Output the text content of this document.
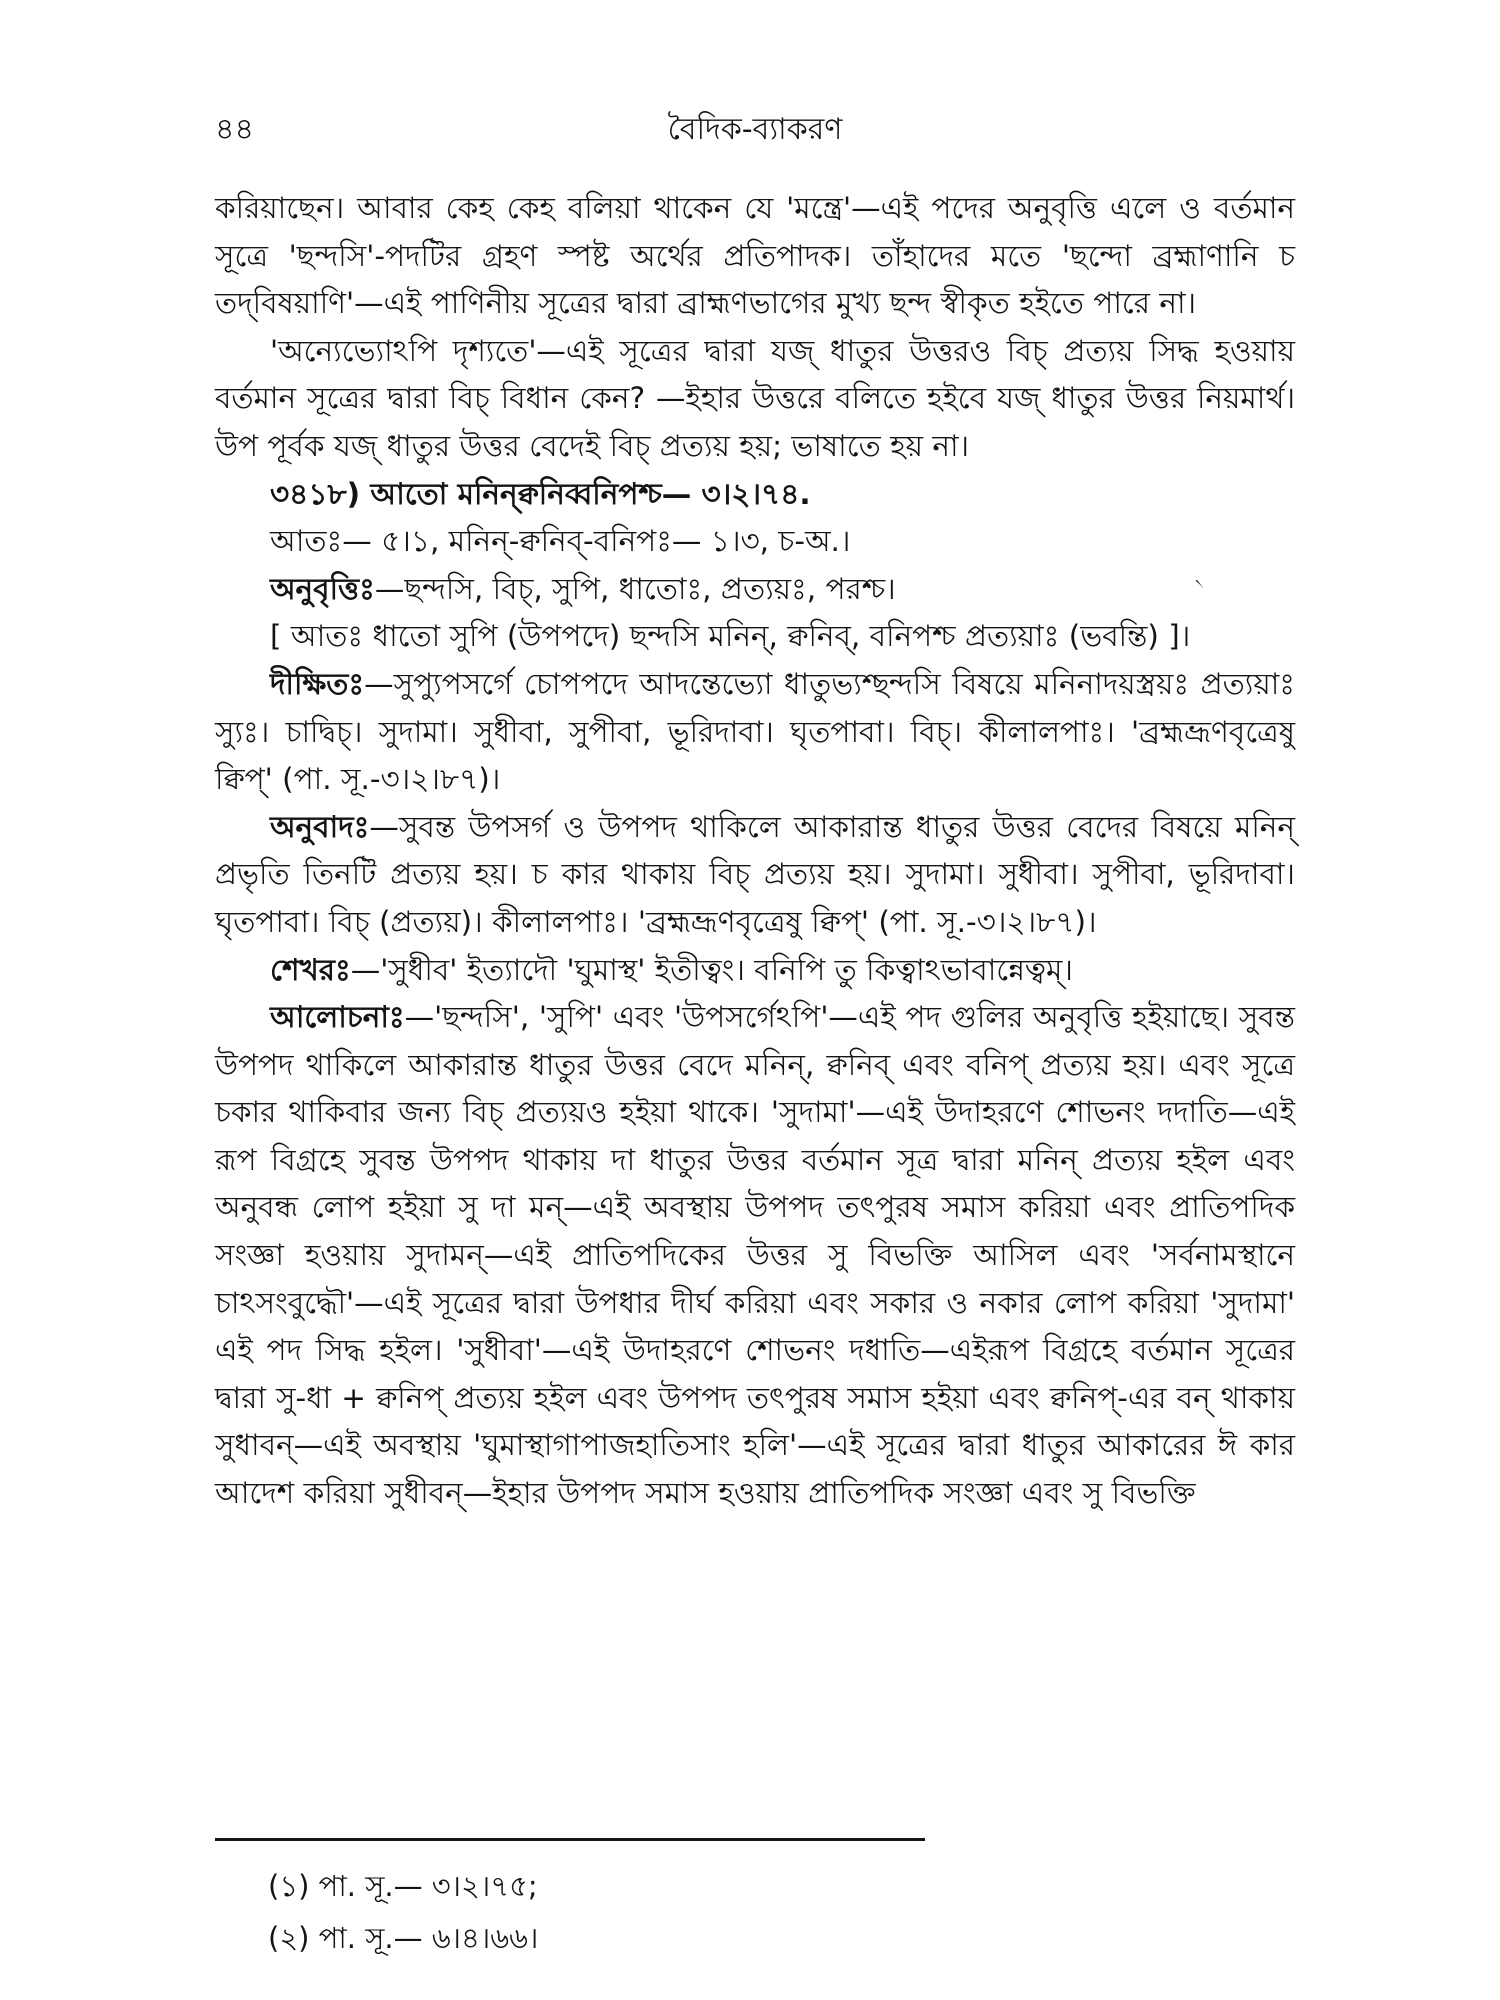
৪৪	বৈদিক-ব্যাকরণ

করিয়াছেন। আবার কেহ কেহ বলিয়া থাকেন যে 'মন্ত্রে'—এই পদের অনুবৃত্তি এলে ও বর্তমান সূত্রে 'ছন্দসি'-পদটির গ্রহণ স্পষ্ট অর্থের প্রতিপাদক। তাঁহাদের মতে 'ছন্দো ব্রহ্মাণানি চ তদ্‌বিষয়াণি'—এই পাণিনীয় সূত্রের দ্বারা ব্রাহ্মণভাগের মুখ্য ছন্দ স্বীকৃত হইতে পারে না।

'অন্যেভ্যোঽপি দৃশ্যতে'—এই সূত্রের দ্বারা যজ্‌ ধাতুর উত্তরও বিচ্‌ প্রত্যয় সিদ্ধ হওয়ায় বর্তমান সূত্রের দ্বারা বিচ্‌ বিধান কেন? —ইহার উত্তরে বলিতে হইবে যজ্‌ ধাতুর উত্তর নিয়মার্থ। উপ পূর্বক যজ্‌ ধাতুর উত্তর বেদেই বিচ্‌ প্রত্যয় হয়; ভাষাতে হয় না।

৩৪১৮) আতো মনিন্ক্বনিব্বনিপশ্চ— ৩।২।৭৪.

আতঃ— ৫।১, মনিন্‌-ক্বনিব্‌-বনিপঃ— ১।৩, চ-অ.।

অনুবৃত্তিঃ—ছন্দসি, বিচ্‌, সুপি, ধাতোঃ, প্রত্যয়ঃ, পরশ্চ।

[ আতঃ ধাতো সুপি (উপপদে) ছন্দসি মনিন্‌, ক্বনিব্‌, বনিপশ্চ প্রত্যয়াঃ (ভবন্তি) ]।

দীক্ষিতঃ—সুপ্যুপসর্গে চোপপদে আদন্তেভ্যো ধাতুভ্যশ্ছন্দসি বিষয়ে মনিনাদয়স্ত্রয়ঃ প্রত্যয়াঃ স্যুঃ। চাদ্বিচ্‌। সুদামা। সুধীবা, সুপীবা, ভূরিদাবা। ঘৃতপাবা। বিচ্‌। কীলালপাঃ। 'ব্রহ্মভ্রূণবৃত্রেষু ক্বিপ্‌' (পা. সূ.-৩।২।৮৭)।

অনুবাদঃ—সুবন্ত উপসর্গ ও উপপদ থাকিলে আকারান্ত ধাতুর উত্তর বেদের বিষয়ে মনিন্‌ প্রভৃতি তিনটি প্রত্যয় হয়। চ কার থাকায় বিচ্‌ প্রত্যয় হয়। সুদামা। সুধীবা। সুপীবা, ভূরিদাবা। ঘৃতপাবা। বিচ্‌ (প্রত্যয়)। কীলালপাঃ। 'ব্রহ্মভ্রূণবৃত্রেষু ক্বিপ্‌' (পা. সূ.-৩।২।৮৭)।

শেখরঃ—'সুধীব' ইত্যাদৌ 'ঘুমাস্থ' ইতীত্বং। বনিপি তু কিত্বাঽভাবান্নেত্বম্‌।

আলোচনাঃ—'ছন্দসি', 'সুপি' এবং 'উপসর্গেঽপি'—এই পদ গুলির অনুবৃত্তি হইয়াছে। সুবন্ত উপপদ থাকিলে আকারান্ত ধাতুর উত্তর বেদে মনিন্‌, ক্বনিব্‌ এবং বনিপ্‌ প্রত্যয় হয়। এবং সূত্রে চকার থাকিবার জন্য বিচ্‌ প্রত্যয়ও হইয়া থাকে। 'সুদামা'—এই উদাহরণে শোভনং দদাতি—এই রূপ বিগ্রহে সুবন্ত উপপদ থাকায় দা ধাতুর উত্তর বর্তমান সূত্র দ্বারা মনিন্‌ প্রত্যয় হইল এবং অনুবন্ধ লোপ হইয়া সু দা মন্‌—এই অবস্থায় উপপদ তৎপুরষ সমাস করিয়া এবং প্রাতিপদিক সংজ্ঞা হওয়ায় সুদামন্‌—এই প্রাতিপদিকের উত্তর সু বিভক্তি আসিল এবং 'সর্বনামস্থানে চাঽসংবুদ্ধৌ'—এই সূত্রের দ্বারা উপধার দীর্ঘ করিয়া এবং সকার ও নকার লোপ করিয়া 'সুদামা' এই পদ সিদ্ধ হইল। 'সুধীবা'—এই উদাহরণে শোভনং দধাতি—এইরূপ বিগ্রহে বর্তমান সূত্রের দ্বারা সু-ধা + ক্বনিপ্‌ প্রত্যয় হইল এবং উপপদ তৎপুরষ সমাস হইয়া এবং ক্বনিপ্‌-এর বন্‌ থাকায় সুধাবন্‌—এই অবস্থায় 'ঘুমাস্থাগাপাজহাতিসাং হলি'—এই সূত্রের দ্বারা ধাতুর আকারের ঈ কার আদেশ করিয়া সুধীবন্‌—ইহার উপপদ সমাস হওয়ায় প্রাতিপদিক সংজ্ঞা এবং সু বিভক্তি

৲
(১) পা. সূ.— ৩।২।৭৫;
(২) পা. সূ.— ৬।৪।৬৬।
